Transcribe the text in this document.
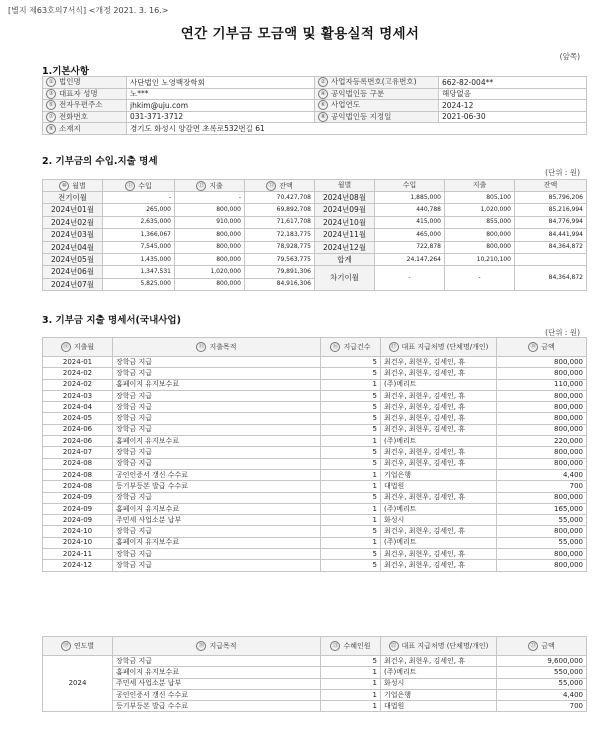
[별지 제63호의7서식] <개정 2021. 3. 16.>
연간 기부금 모금액 및 활용실적 명세서
(앞쪽)
1.기본사항
① 법인명	사단법인 노영백장학회	② 사업자등록번호(고유번호)	662-82-004**
③ 대표자 성명	노***	④ 공익법인등 구분	해당없음
⑤ 전자우편주소	jhkim@uju.com	⑥ 사업연도	2024-12
⑦ 전화번호	031-371-3712	⑧ 공익법인등 지정일	2021-06-30
⑨ 소재지	경기도 화성시 양감면 초록로532번길 61		
2. 기부금의 수입.지출 명세
(단위 : 원)
⑩ 월별	⑪ 수입	⑫ 지출	⑬ 잔액	월별	수입	지출	잔액
전기이월	-	-	70,427,708	2024년08월	1,885,000	805,100	85,796,206
2024년01월	265,000	800,000	69,892,708	2024년09월	440,788	1,020,000	85,216,994
2024년02월	2,635,000	910,000	71,617,708	2024년10월	415,000	855,000	84,776,994
2024년03월	1,366,067	800,000	72,183,775	2024년11월	465,000	800,000	84,441,994
2024년04월	7,545,000	800,000	78,928,775	2024년12월	722,878	800,000	84,364,872
2024년05월	1,435,000	800,000	79,563,775	합계	24,147,264	10,210,100	
2024년06월	1,347,531	1,020,000	79,891,306	차기이월	-	-	84,364,872
2024년07월	5,825,000	800,000	84,916,306				
3. 기부금 지출 명세서(국내사업)
(단위 : 원)
⑭ 지출월	⑮ 지출목적	⑯ 지급건수	⑰ 대표 지급처명 (단체명/개인)	⑱ 금액
2024-01	장학금 지급	5	최건우, 최현우, 김세인, 휴	800,000
2024-02	장학금 지급	5	최건우, 최현우, 김세인, 휴	800,000
2024-02	홈페이지 유지보수료	1	(주)메리트	110,000
2024-03	장학금 지급	5	최건우, 최현우, 김세인, 휴	800,000
2024-04	장학금 지급	5	최건우, 최현우, 김세인, 휴	800,000
2024-05	장학금 지급	5	최건우, 최현우, 김세인, 휴	800,000
2024-06	장학금 지급	5	최건우, 최현우, 김세인, 휴	800,000
2024-06	홈페이지 유지보수료	1	(주)메리트	220,000
2024-07	장학금 지급	5	최건우, 최현우, 김세인, 휴	800,000
2024-08	장학금 지급	5	최건우, 최현우, 김세인, 휴	800,000
2024-08	공인인증서 갱신 수수료	1	기업은행	4,400
2024-08	등기부등본 발급 수수료	1	대법원	700
2024-09	장학금 지급	5	최건우, 최현우, 김세인, 휴	800,000
2024-09	홈페이지 유지보수료	1	(주)메리트	165,000
2024-09	주민세 사업소분 납부	1	화성시	55,000
2024-10	장학금 지급	5	최건우, 최현우, 김세인, 휴	800,000
2024-10	홈페이지 유지보수료	1	(주)메리트	55,000
2024-11	장학금 지급	5	최건우, 최현우, 김세인, 휴	800,000
2024-12	장학금 지급	5	최건우, 최현우, 김세인, 휴	800,000
⑲ 연도별	⑳ 지급목적	㉑ 수혜인원	㉒ 대표 지급처명 (단체명/개인)	㉓ 금액
2024	장학금 지급	5	최건우, 최현우, 김세인, 휴	9,600,000
	홈페이지 유지보수료	1	(주)메리트	550,000
	주민세 사업소분 납부	1	화성시	55,000
	공인인증서 갱신 수수료	1	기업은행	4,400
	등기부등본 발급 수수료	1	대법원	700
